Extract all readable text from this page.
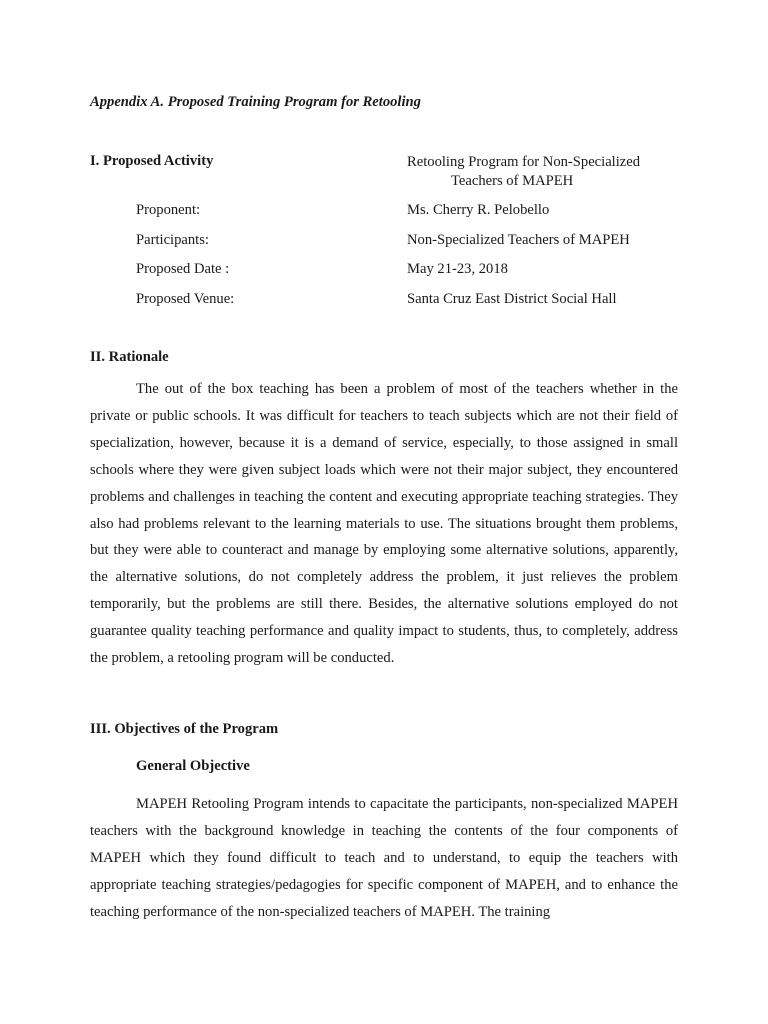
Appendix A. Proposed Training Program for Retooling
I. Proposed Activity	Retooling Program for Non-Specialized
Teachers of MAPEH
Proponent:	Ms. Cherry R. Pelobello
Participants:	Non-Specialized Teachers of MAPEH
Proposed Date :	May 21-23, 2018
Proposed Venue:	Santa Cruz East District Social Hall
II. Rationale
The out of the box teaching has been a problem of most of the teachers whether in the private or public schools. It was difficult for teachers to teach subjects which are not their field of specialization, however, because it is a demand of service, especially, to those assigned in small schools where they were given subject loads which were not their major subject, they encountered problems and challenges in teaching the content and executing appropriate teaching strategies. They also had problems relevant to the learning materials to use. The situations brought them problems, but they were able to counteract and manage by employing some alternative solutions, apparently, the alternative solutions, do not completely address the problem, it just relieves the problem temporarily, but the problems are still there. Besides, the alternative solutions employed do not guarantee quality teaching performance and quality impact to students, thus, to completely, address the problem, a retooling program will be conducted.
III. Objectives of the Program
General Objective
MAPEH Retooling Program intends to capacitate the participants, non-specialized MAPEH teachers with the background knowledge in teaching the contents of the four components of MAPEH which they found difficult to teach and to understand, to equip the teachers with appropriate teaching strategies/pedagogies for specific component of MAPEH, and to enhance the teaching performance of the non-specialized teachers of MAPEH. The training
